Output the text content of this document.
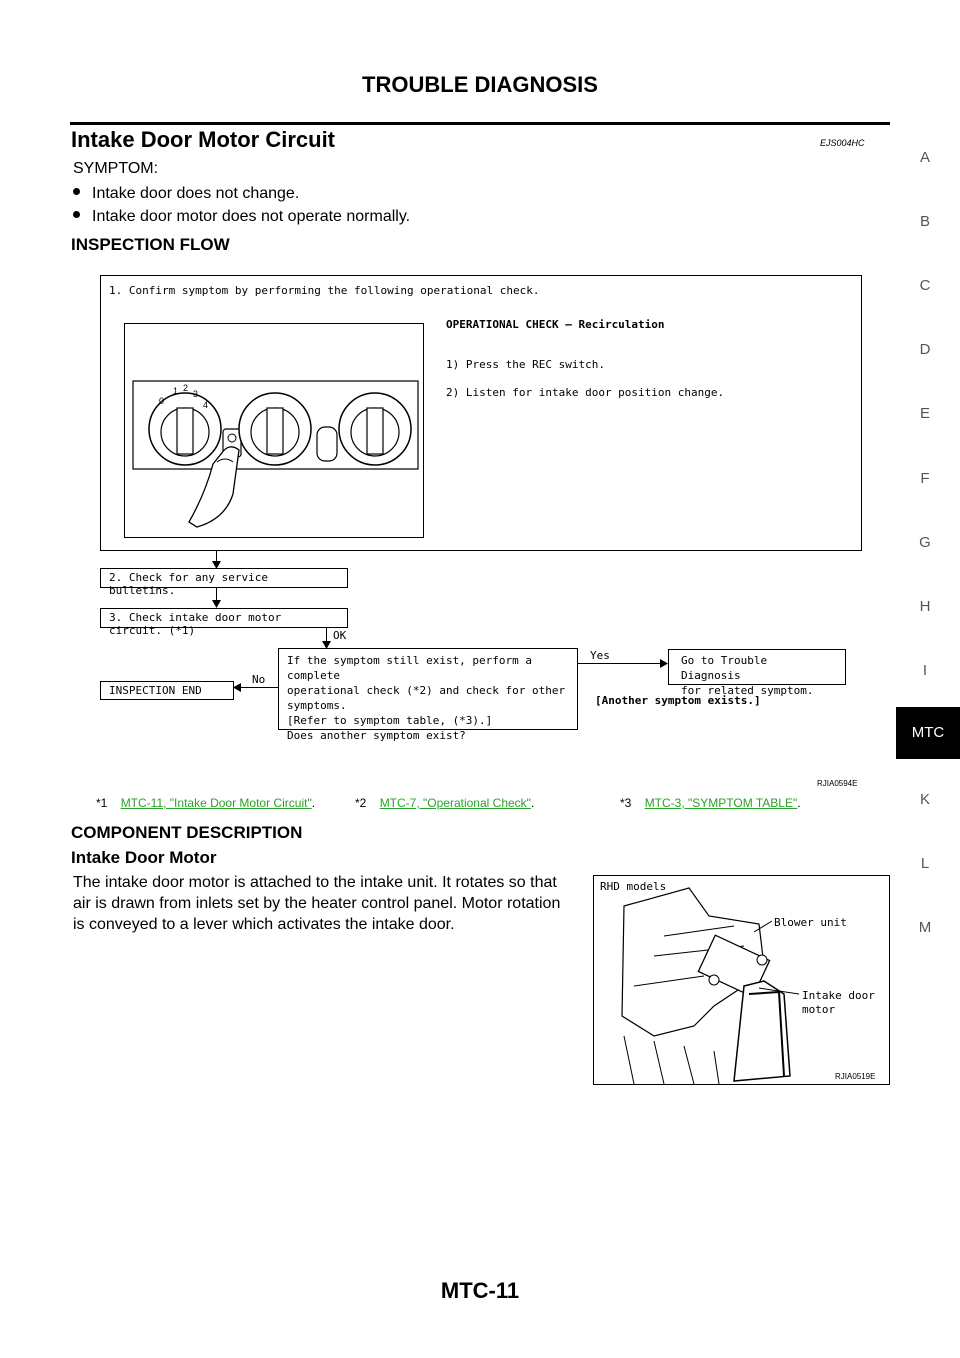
TROUBLE DIAGNOSIS
Intake Door Motor Circuit	EJS004HC
SYMPTOM:
Intake door does not change.
Intake door motor does not operate normally.
INSPECTION FLOW
1. Confirm symptom by performing the following operational check.
0
1 2
3
4
OPERATIONAL CHECK – Recirculation
1) Press the REC switch.
2) Listen for intake door position change.
2. Check for any service bulletins.
3. Check intake door motor circuit. (*1)	OK
If the symptom still exist, perform a complete
operational check (*2) and check for other
symptoms.
[Refer to symptom table, (*3).]
Does another symptom exist?
Yes	Go to Trouble Diagnosis
for related symptom.
[Another symptom exists.]
No
INSPECTION END
RJIA0594E
*1 MTC-11, "Intake Door Motor Circuit".	*2 MTC-7, "Operational Check".	*3 MTC-3, "SYMPTOM TABLE".
COMPONENT DESCRIPTION
Intake Door Motor
The intake door motor is attached to the intake unit. It rotates so that
air is drawn from inlets set by the heater control panel. Motor rotation
is conveyed to a lever which activates the intake door.
RHD models
Blower unit
Intake door
motor
RJIA0519E
A
B
C
D
E
F
G
H
I
MTC
K
L
M
MTC-11
